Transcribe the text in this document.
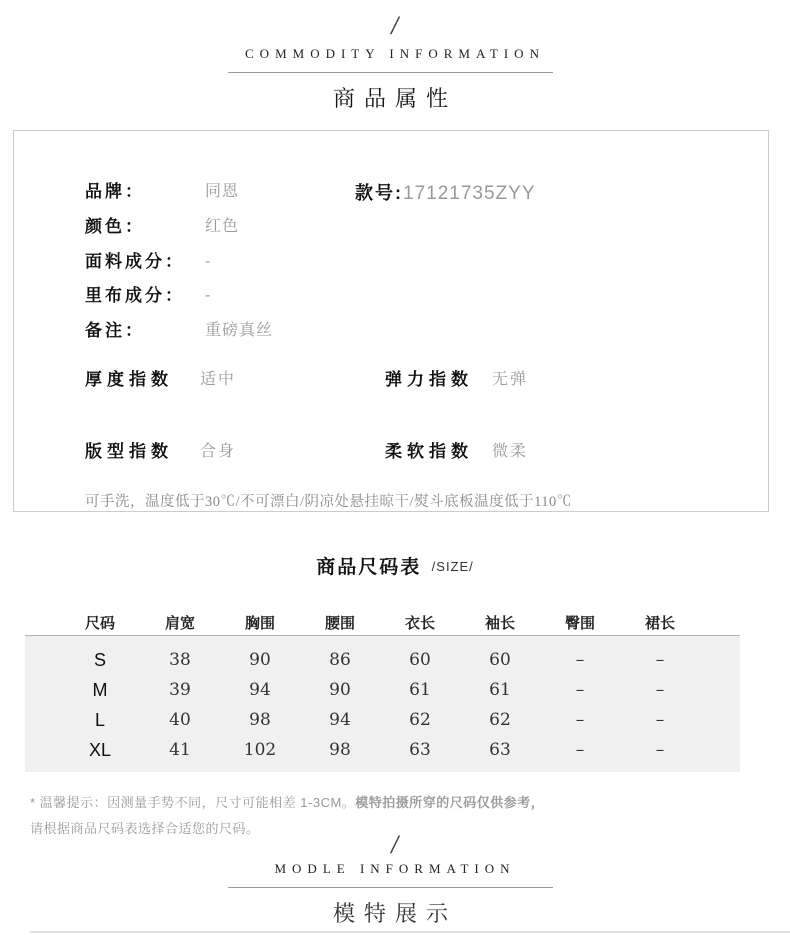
/
COMMODITY INFORMATION
商品属性
品牌：	同恩
颜色：	红色
面料成分： -
里布成分： -
备注：	重磅真丝
款号:17121735ZYY
厚度指数 适中	弹力指数 无弹
版型指数 合身	柔软指数 微柔
可手洗，温度低于30℃/不可漂白/阴凉处悬挂晾干/熨斗底板温度低于110℃
商品尺码表 /SIZE/
尺码	肩宽	胸围	腰围	衣长	袖长	臀围	裙长
S	38	90	86	60	60	–	–
M	39	94	90	61	61	–	–
L	40	98	94	62	62	–	–
XL	41	102	98	63	63	–	–
* 温馨提示：因测量手势不同，尺寸可能相差 1-3CM。模特拍摄所穿的尺码仅供参考，
请根据商品尺码表选择合适您的尺码。
/
MODLE INFORMATION
模特展示
